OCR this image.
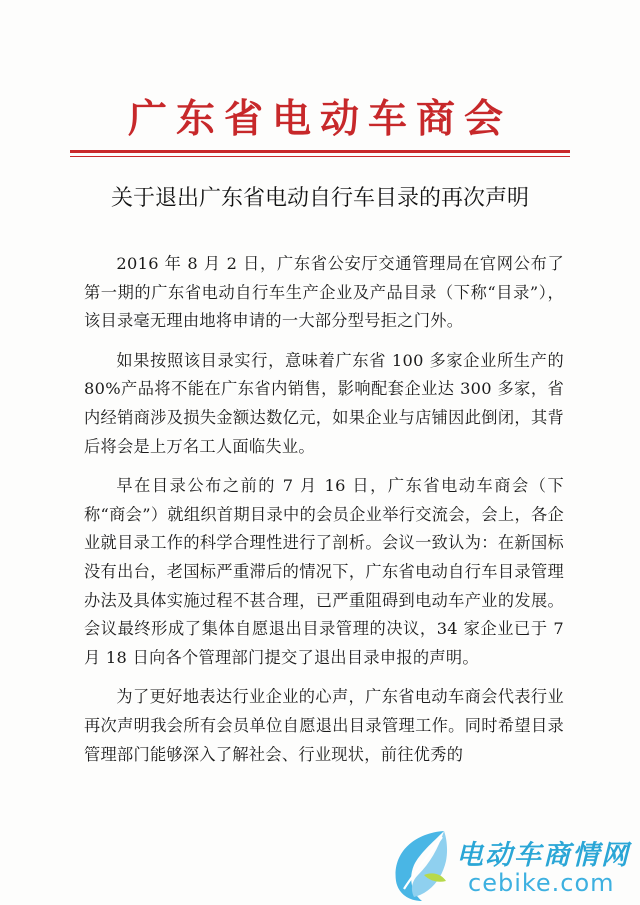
广东省电动车商会
关于退出广东省电动自行车目录的再次声明

2016 年 8 月 2 日，广东省公安厅交通管理局在官网公布了第一期的广东省电动自行车生产企业及产品目录（下称“目录”），该目录毫无理由地将申请的一大部分型号拒之门外。

如果按照该目录实行，意味着广东省 100 多家企业所生产的 80%产品将不能在广东省内销售，影响配套企业达 300 多家，省内经销商涉及损失金额达数亿元，如果企业与店铺因此倒闭，其背后将会是上万名工人面临失业。

早在目录公布之前的 7 月 16 日，广东省电动车商会（下称“商会”）就组织首期目录中的会员企业举行交流会，会上，各企业就目录工作的科学合理性进行了剖析。会议一致认为：在新国标没有出台，老国标严重滞后的情况下，广东省电动自行车目录管理办法及具体实施过程不甚合理，已严重阻碍到电动车产业的发展。会议最终形成了集体自愿退出目录管理的决议，34 家企业已于 7 月 18 日向各个管理部门提交了退出目录申报的声明。

为了更好地表达行业企业的心声，广东省电动车商会代表行业再次声明我会所有会员单位自愿退出目录管理工作。同时希望目录管理部门能够深入了解社会、行业现状，前往优秀的

电动车商情网
cebike.com
